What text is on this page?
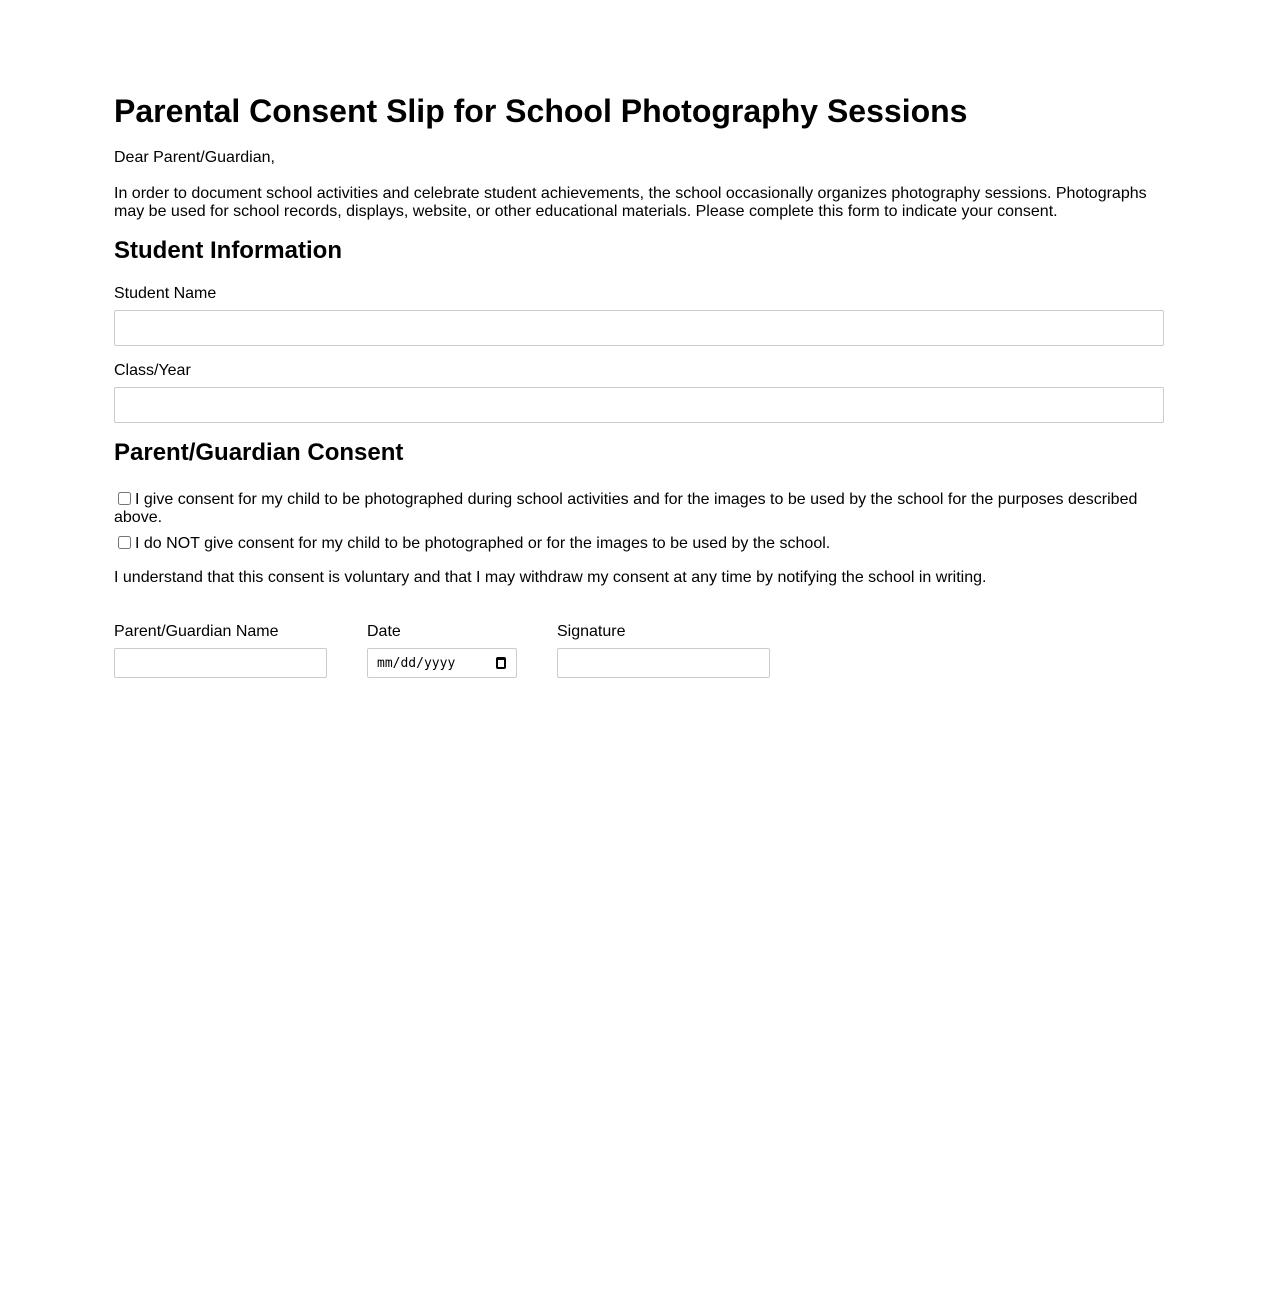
Parental Consent Slip for School Photography Sessions

Dear Parent/Guardian,

In order to document school activities and celebrate student achievements, the school occasionally organizes photography sessions. Photographs may be used for school records, displays, website, or other educational materials. Please complete this form to indicate your consent.

Student Information
Student Name
Class/Year
Parent/Guardian Consent
I give consent for my child to be photographed during school activities and for the images to be used by the school for the purposes described above.
I do NOT give consent for my child to be photographed or for the images to be used by the school.

I understand that this consent is voluntary and that I may withdraw my consent at any time by notifying the school in writing.

Parent/Guardian Name	Date
mm/dd/yyyy
Signature
